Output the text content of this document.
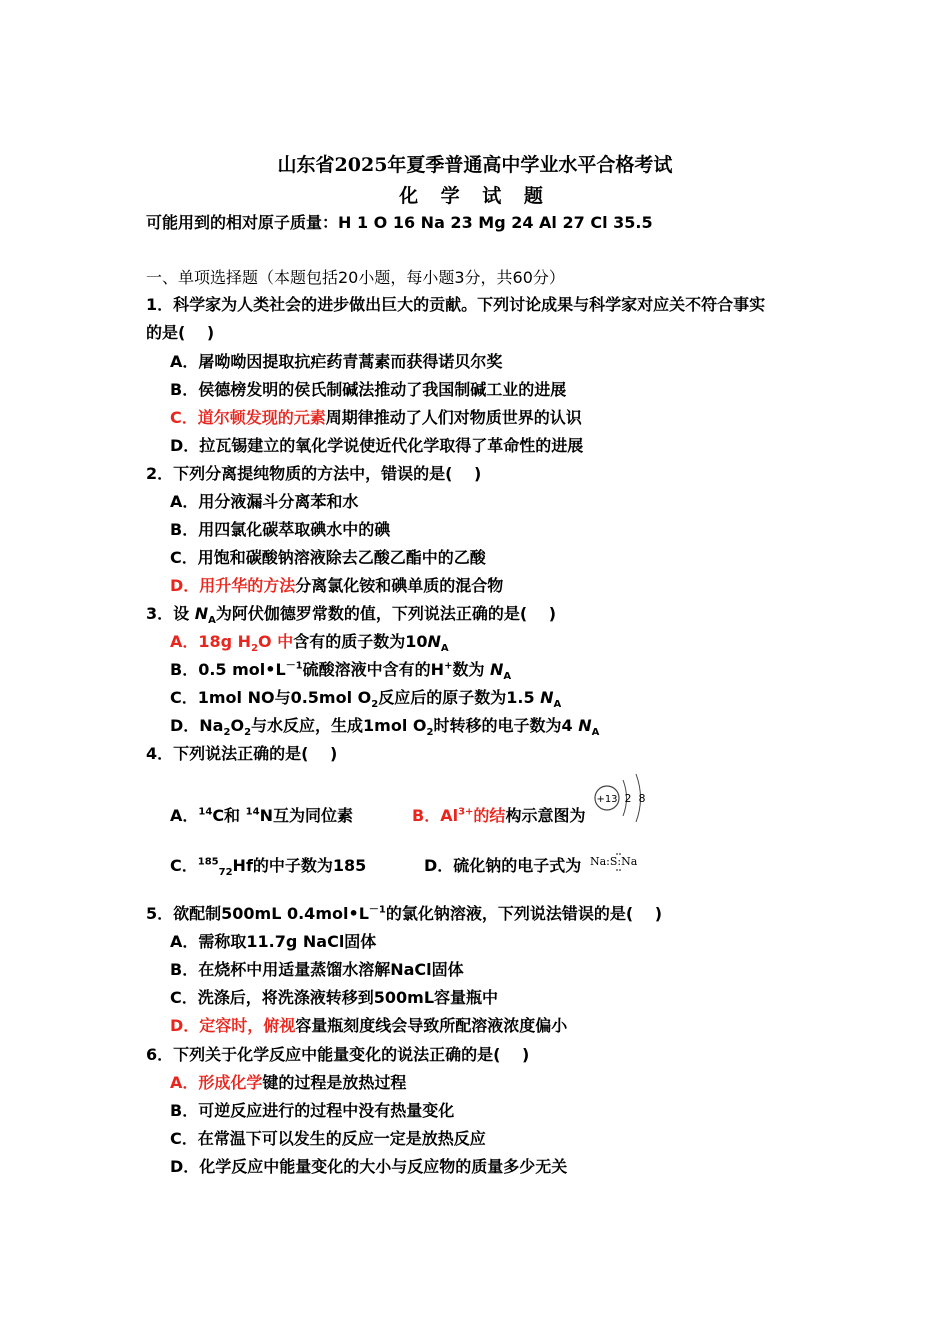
山东省2025年夏季普通高中学业水平合格考试
化 学 试 题
可能用到的相对原子质量：H 1 O 16 Na 23 Mg 24 Al 27 Cl 35.5
一、单项选择题（本题包括20小题，每小题3分，共60分）
1．科学家为人类社会的进步做出巨大的贡献。下列讨论成果与科学家对应关不符合事实
的是(　 )
A．屠呦呦因提取抗疟药青蒿素而获得诺贝尔奖
B．侯德榜发明的侯氏制碱法推动了我国制碱工业的进展
C．道尔顿发现的元素周期律推动了人们对物质世界的认识
D．拉瓦锡建立的氧化学说使近代化学取得了革命性的进展
2．下列分离提纯物质的方法中，错误的是(　 )
A．用分液漏斗分离苯和水
B．用四氯化碳萃取碘水中的碘
C．用饱和碳酸钠溶液除去乙酸乙酯中的乙酸
D．用升华的方法分离氯化铵和碘单质的混合物
3．设 $N_A$为阿伏伽德罗常数的值，下列说法正确的是(　 )
A．18g $H_2O$ 中含有的质子数为$10N_A$
B．0.5 $mol•L^{-1}$硫酸溶液中含有的H+数为 $N_A$
C．1mol NO与0.5mol $O_2$反应后的原子数为1.5 $N_A$
D．$Na_2O_2$与水反应，生成1mol $O_2$时转移的电子数为4 $N_A$
4．下列说法正确的是(　 )
A．$^{14}$C和 $^{14}$N互为同位素	B．$Al^{3+}$的结构示意图为
+13 2 8
C．$^{185}_{72}$Hf的中子数为185	D．硫化钠的电子式为 Na:S:Na
5．欲配制500mL $0.4mol•L^{-1}$的氯化钠溶液，下列说法错误的是(　 )
A．需称取11.7g NaCl固体
B．在烧杯中用适量蒸馏水溶解NaCl固体
C．洗涤后，将洗涤液转移到500mL容量瓶中
D．定容时，俯视容量瓶刻度线会导致所配溶液浓度偏小
6．下列关于化学反应中能量变化的说法正确的是(　 )
A．形成化学键的过程是放热过程
B．可逆反应进行的过程中没有热量变化
C．在常温下可以发生的反应一定是放热反应
D．化学反应中能量变化的大小与反应物的质量多少无关
